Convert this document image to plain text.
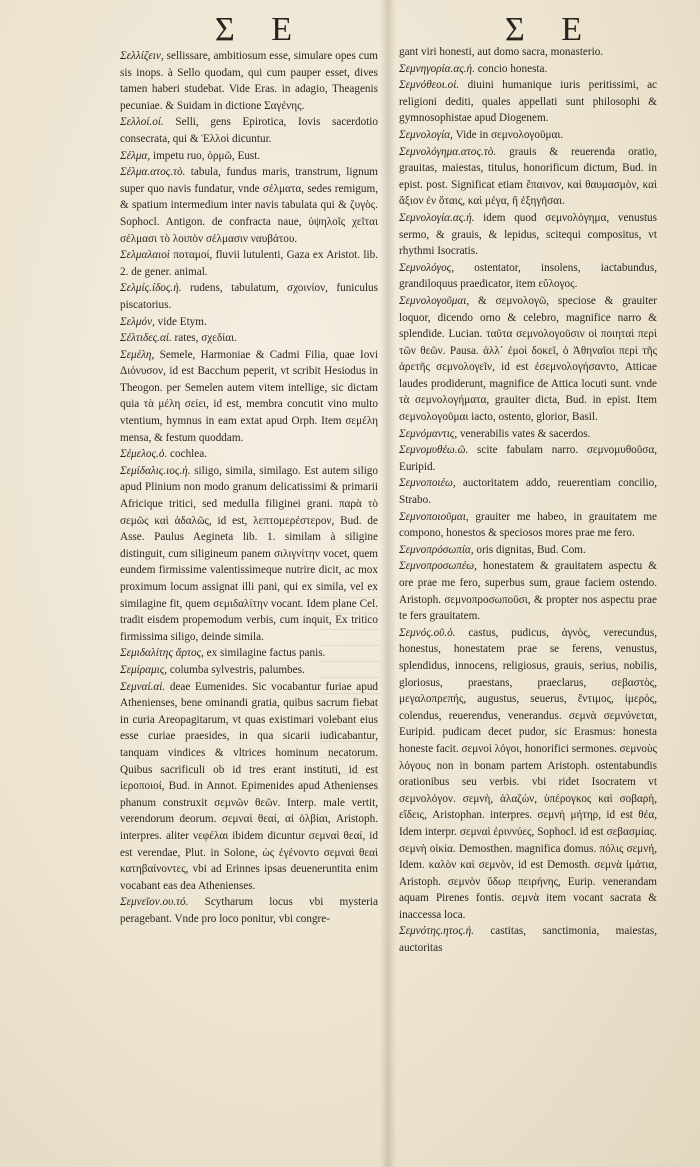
Σ E	Σ E

Σελλίζειν, sellissare, ambitiosum esse, simulare opes cum sis inops. à Sello quodam, qui cum pauper esset, dives tamen haberi studebat. Vide Eras. in adagio, Theagenis pecuniae. & Suidam in dictione Σαγένης.

Σελλοί.οί. Selli, gens Epirotica, Iovis sacerdotio consecrata, qui & Ἑλλοὶ dicuntur.

Σέλμα, impetu ruo, ὁρμῶ, Eust.

Σέλμα.ατος.τὸ. tabula, fundus maris, transtrum, lignum super quo navis fundatur, vnde σέλματα, sedes remigum, & spatium intermedium inter navis tabulata qui & ζυγὸς. Sophocl. Antigon. de confracta naue, ὑψηλοῖς χεῖται σέλμασι τὸ λοιπὸν σέλμασιν ναυβάτου.

Σελμαλαιοὶ ποταμοί, fluvii lutulenti, Gaza ex Aristot. lib. 2. de gener. animal.

Σελμίς.ίδος.ἡ. rudens, tabulatum, σχοινίον, funiculus piscatorius.

Σελμόν, vide Etym.

Σέλτιδες.αἱ. rates, σχεδίαι.

Σεμέλη, Semele, Harmoniae & Cadmi Filia, quae Iovi Διόνυσον, id est Bacchum peperit, vt scribit Hesiodus in Theogon. per Semelen autem vitem intellige, sic dictam quia τὰ μέλη σείει, id est, membra concutit vino multo vtentium, hymnus in eam extat apud Orph. Item σεμέλη mensa, & festum quoddam.

Σέμελος.ὁ. cochlea.

Σεμίδαλις.ιος.ἡ. siligo, simila, similago. Est autem siligo apud Plinium non modo granum delicatissimi & primarii Africique tritici, sed medulla filiginei grani. παρὰ τὸ σεμῶς καὶ ἀδαλῶς, id est, λεπτομερέστερον, Bud. de Asse. Paulus Aegineta lib. 1. similam à siligine distinguit, cum siligineum panem σιλιγνίτην vocet, quem eundem firmissime valentissimeque nutrire dicit, ac mox proximum locum assignat illi pani, qui ex simila, vel ex similagine fit, quem σεμιδαλίτην vocant. Idem plane Cel. tradit eisdem propemodum verbis, cum inquit, Ex tritico firmissima siligo, deinde simila.

Σεμιδαλίτης ἄρτος, ex similagine factus panis.

Σεμίραμις, columba sylvestris, palumbes.

Σεμναί.αἱ. deae Eumenides. Sic vocabantur furiae apud Athenienses, bene ominandi gratia, quibus sacrum fiebat in curia Areopagitarum, vt quas existimari volebant eius esse curiae praesides, in qua sicarii iudicabantur, tanquam vindices & vltrices hominum necatorum. Quibus sacrificuli ob id tres erant instituti, id est ἱεροποιοί, Bud. in Annot. Epimenides apud Athenienses phanum construxit σεμνῶν θεῶν. Interp. male vertit, verendorum deorum. σεμναὶ θεαί, αἱ ὀλβίαι, Aristoph. interpres. aliter νεφέλαι ibidem dicuntur σεμναὶ θεαί, id est verendae, Plut. in Solone, ὡς ἐγένοντο σεμναὶ θεαὶ κατηβαίνοντες, vbi ad Erinnes ipsas deueneruntita enim vocabant eas dea Athenienses.

Σεμνεῖον.ου.τό. Scytharum locus vbi mysteria peragebant. Vnde pro loco ponitur, vbi congre-

gant viri honesti, aut domo sacra, monasterio.

Σεμνηγορία.ας.ἡ. concio honesta.

Σεμνόθεοι.οἱ. diuini humanique iuris peritissimi, ac religioni dediti, quales appellati sunt philosophi & gymnosophistae apud Diogenem.

Σεμνολογία, Vide in σεμνολογοῦμαι.

Σεμνολόγημα.ατος.τὸ. grauis & reuerenda oratio, grauitas, maiestas, titulus, honorificum dictum, Bud. in epist. post. Significat etiam ἔπαινον, καὶ θαυμασμὸν, καὶ ἄξιον ἐν ὅταις, καὶ μέγα, ἢ ἐξηγῆσαι.

Σεμνολογία.ας.ἡ. idem quod σεμνολόγημα, venustus sermo, & grauis, & lepidus, scitequi compositus, vt rhythmi Isocratis.

Σεμνολόγος, ostentator, insolens, iactabundus, grandiloquus praedicator, item εὔλογος.

Σεμνολογοῦμαι, & σεμνολογῶ, speciose & grauiter loquor, dicendo orno & celebro, magnifice narro & splendide. Lucian. ταῦτα σεμνολογοῦσιν οἱ ποιηταὶ περὶ τῶν θεῶν. Pausa. ἀλλ᾽ ἐμοὶ δοκεῖ, ὁ Ἀθηναῖοι περὶ τῆς ἀρετῆς σεμνολογεῖν, id est ἐσεμνολογήσαντο, Atticae laudes prodiderunt, magnifice de Attica locuti sunt. vnde τὰ σεμνολογήματα, grauiter dicta, Bud. in epist. Item σεμνολογοῦμαι iacto, ostento, glorior, Basil.

Σεμνόμαντις, venerabilis vates & sacerdos.

Σεμνομυθέω.ῶ. scite fabulam narro. σεμνομυθοῦσα, Euripid.

Σεμνοποιέω, auctoritatem addo, reuerentiam concilio, Strabo.

Σεμνοποιοῦμαι, grauiter me habeo, in grauitatem me compono, honestos & speciosos mores prae me fero.

Σεμνοπρόσωπία, oris dignitas, Bud. Com.

Σεμνοπροσωπέω, honestatem & grauitatem aspectu & ore prae me fero, superbus sum, graue faciem ostendo. Aristoph. σεμνοπροσωποῦσι, & propter nos aspectu prae te fers grauitatem.

Σεμνός.οῦ.ὁ. castus, pudicus, ἁγνὸς, verecundus, honestus, honestatem prae se ferens, venustus, splendidus, innocens, religiosus, grauis, serius, nobilis, gloriosus, praestans, praeclarus, σεβαστὸς, μεγαλοπρεπής, augustus, seuerus, ἔντιμος, ἱμερός, colendus, reuerendus, venerandus. σεμνὰ σεμνύνεται, Euripid. pudicam decet pudor, sic Erasmus: honesta honeste facit. σεμνοὶ λόγοι, honorifici sermones. σεμνοὺς λόγους non in bonam partem Aristoph. ostentabundis orationibus seu verbis. vbi ridet Isocratem vt σεμνολόγον. σεμνὴ, ἀλαζὼν, ὑπέρογκος καὶ σοβαρὴ, εἴδεις, Aristophan. interpres. σεμνὴ μήτηρ, id est θέα, Idem interpr. σεμναὶ ἐριννύες, Sophocl. id est σεβασμίας. σεμνὴ οἰκία. Demosthen. magnifica domus. πόλις σεμνή, Idem. καλὸν καὶ σεμνὸν, id est Demosth. σεμνὰ ἱμάτια, Aristoph. σεμνὸν ὕδωρ πειρήνης, Eurip. venerandam aquam Pirenes fontis. σεμνὰ item vocant sacrata & inaccessa loca.

Σεμνότης.ητος.ἡ. castitas, sanctimonia, maiestas, auctoritas
